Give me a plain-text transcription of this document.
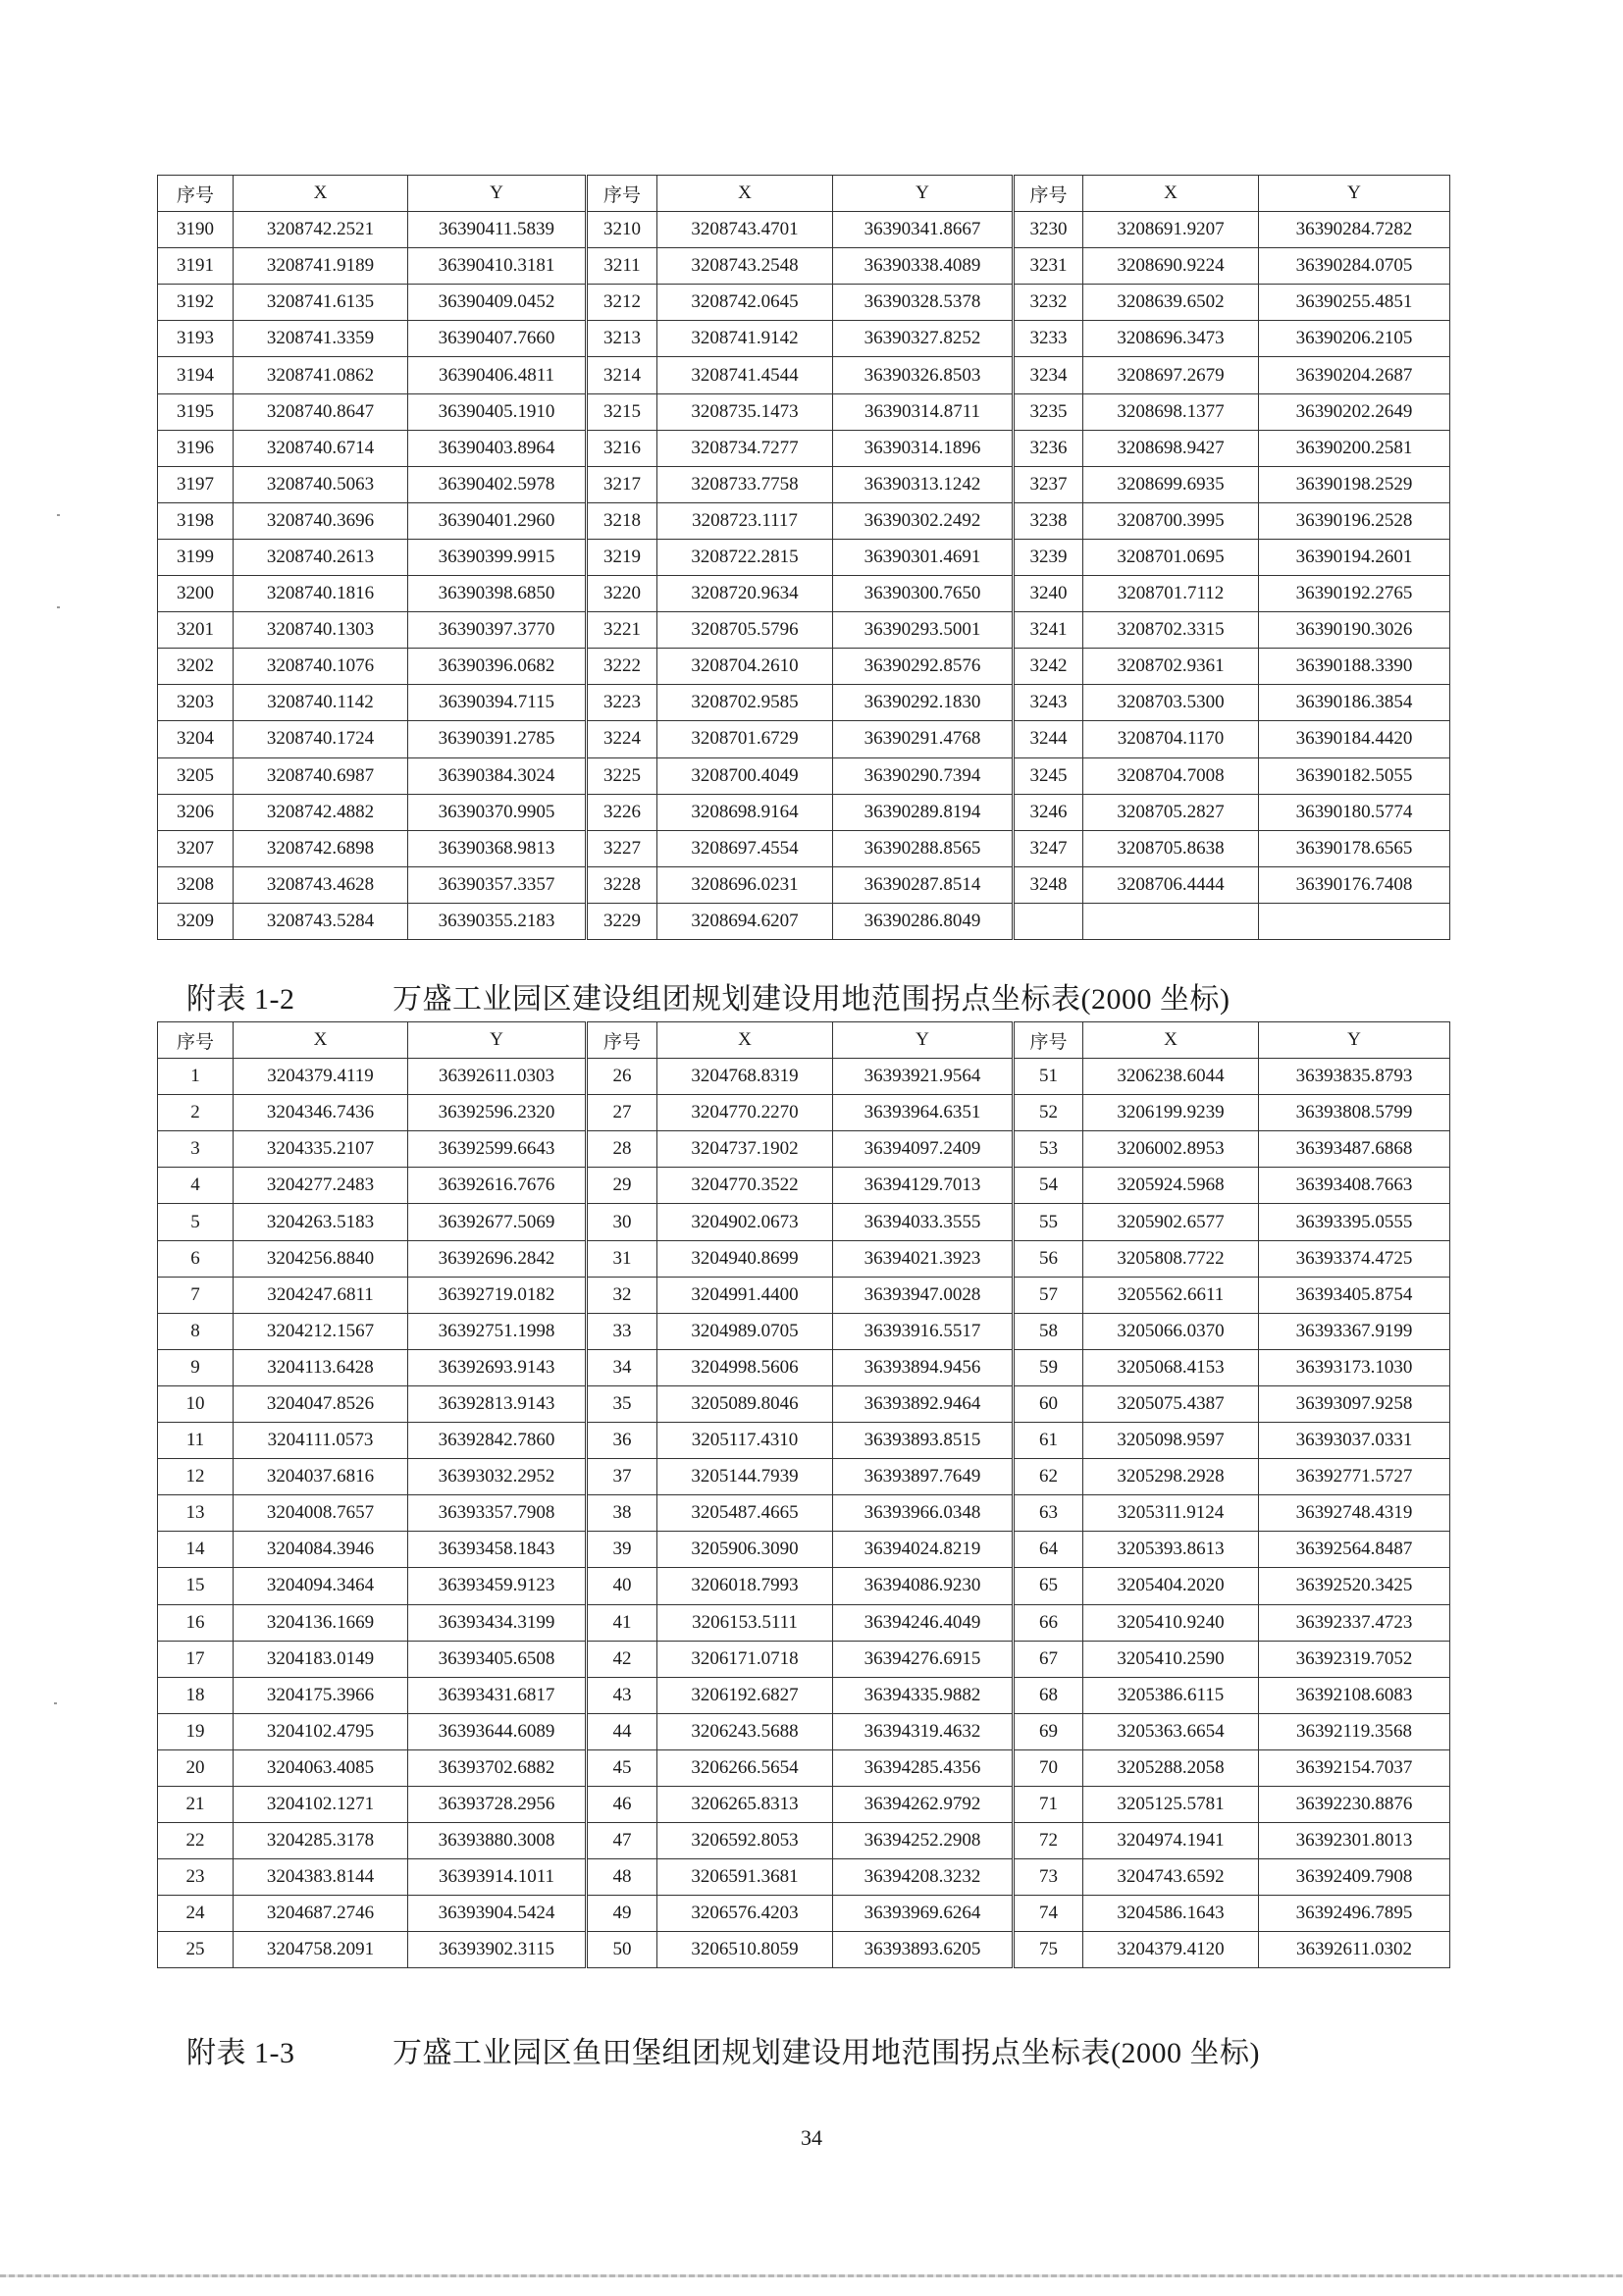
序号	X	Y	序号	X	Y	序号	X	Y
3190	3208742.2521	36390411.5839	3210	3208743.4701	36390341.8667	3230	3208691.9207	36390284.7282
3191	3208741.9189	36390410.3181	3211	3208743.2548	36390338.4089	3231	3208690.9224	36390284.0705
3192	3208741.6135	36390409.0452	3212	3208742.0645	36390328.5378	3232	3208639.6502	36390255.4851
3193	3208741.3359	36390407.7660	3213	3208741.9142	36390327.8252	3233	3208696.3473	36390206.2105
3194	3208741.0862	36390406.4811	3214	3208741.4544	36390326.8503	3234	3208697.2679	36390204.2687
3195	3208740.8647	36390405.1910	3215	3208735.1473	36390314.8711	3235	3208698.1377	36390202.2649
3196	3208740.6714	36390403.8964	3216	3208734.7277	36390314.1896	3236	3208698.9427	36390200.2581
3197	3208740.5063	36390402.5978	3217	3208733.7758	36390313.1242	3237	3208699.6935	36390198.2529
3198	3208740.3696	36390401.2960	3218	3208723.1117	36390302.2492	3238	3208700.3995	36390196.2528
3199	3208740.2613	36390399.9915	3219	3208722.2815	36390301.4691	3239	3208701.0695	36390194.2601
3200	3208740.1816	36390398.6850	3220	3208720.9634	36390300.7650	3240	3208701.7112	36390192.2765
3201	3208740.1303	36390397.3770	3221	3208705.5796	36390293.5001	3241	3208702.3315	36390190.3026
3202	3208740.1076	36390396.0682	3222	3208704.2610	36390292.8576	3242	3208702.9361	36390188.3390
3203	3208740.1142	36390394.7115	3223	3208702.9585	36390292.1830	3243	3208703.5300	36390186.3854
3204	3208740.1724	36390391.2785	3224	3208701.6729	36390291.4768	3244	3208704.1170	36390184.4420
3205	3208740.6987	36390384.3024	3225	3208700.4049	36390290.7394	3245	3208704.7008	36390182.5055
3206	3208742.4882	36390370.9905	3226	3208698.9164	36390289.8194	3246	3208705.2827	36390180.5774
3207	3208742.6898	36390368.9813	3227	3208697.4554	36390288.8565	3247	3208705.8638	36390178.6565
3208	3208743.4628	36390357.3357	3228	3208696.0231	36390287.8514	3248	3208706.4444	36390176.7408
3209	3208743.5284	36390355.2183	3229	3208694.6207	36390286.8049			
附表 1-2	万盛工业园区建设组团规划建设用地范围拐点坐标表(2000 坐标)
序号	X	Y	序号	X	Y	序号	X	Y
1	3204379.4119	36392611.0303	26	3204768.8319	36393921.9564	51	3206238.6044	36393835.8793
2	3204346.7436	36392596.2320	27	3204770.2270	36393964.6351	52	3206199.9239	36393808.5799
3	3204335.2107	36392599.6643	28	3204737.1902	36394097.2409	53	3206002.8953	36393487.6868
4	3204277.2483	36392616.7676	29	3204770.3522	36394129.7013	54	3205924.5968	36393408.7663
5	3204263.5183	36392677.5069	30	3204902.0673	36394033.3555	55	3205902.6577	36393395.0555
6	3204256.8840	36392696.2842	31	3204940.8699	36394021.3923	56	3205808.7722	36393374.4725
7	3204247.6811	36392719.0182	32	3204991.4400	36393947.0028	57	3205562.6611	36393405.8754
8	3204212.1567	36392751.1998	33	3204989.0705	36393916.5517	58	3205066.0370	36393367.9199
9	3204113.6428	36392693.9143	34	3204998.5606	36393894.9456	59	3205068.4153	36393173.1030
10	3204047.8526	36392813.9143	35	3205089.8046	36393892.9464	60	3205075.4387	36393097.9258
11	3204111.0573	36392842.7860	36	3205117.4310	36393893.8515	61	3205098.9597	36393037.0331
12	3204037.6816	36393032.2952	37	3205144.7939	36393897.7649	62	3205298.2928	36392771.5727
13	3204008.7657	36393357.7908	38	3205487.4665	36393966.0348	63	3205311.9124	36392748.4319
14	3204084.3946	36393458.1843	39	3205906.3090	36394024.8219	64	3205393.8613	36392564.8487
15	3204094.3464	36393459.9123	40	3206018.7993	36394086.9230	65	3205404.2020	36392520.3425
16	3204136.1669	36393434.3199	41	3206153.5111	36394246.4049	66	3205410.9240	36392337.4723
17	3204183.0149	36393405.6508	42	3206171.0718	36394276.6915	67	3205410.2590	36392319.7052
18	3204175.3966	36393431.6817	43	3206192.6827	36394335.9882	68	3205386.6115	36392108.6083
19	3204102.4795	36393644.6089	44	3206243.5688	36394319.4632	69	3205363.6654	36392119.3568
20	3204063.4085	36393702.6882	45	3206266.5654	36394285.4356	70	3205288.2058	36392154.7037
21	3204102.1271	36393728.2956	46	3206265.8313	36394262.9792	71	3205125.5781	36392230.8876
22	3204285.3178	36393880.3008	47	3206592.8053	36394252.2908	72	3204974.1941	36392301.8013
23	3204383.8144	36393914.1011	48	3206591.3681	36394208.3232	73	3204743.6592	36392409.7908
24	3204687.2746	36393904.5424	49	3206576.4203	36393969.6264	74	3204586.1643	36392496.7895
25	3204758.2091	36393902.3115	50	3206510.8059	36393893.6205	75	3204379.4120	36392611.0302
附表 1-3	万盛工业园区鱼田堡组团规划建设用地范围拐点坐标表(2000 坐标)
34
